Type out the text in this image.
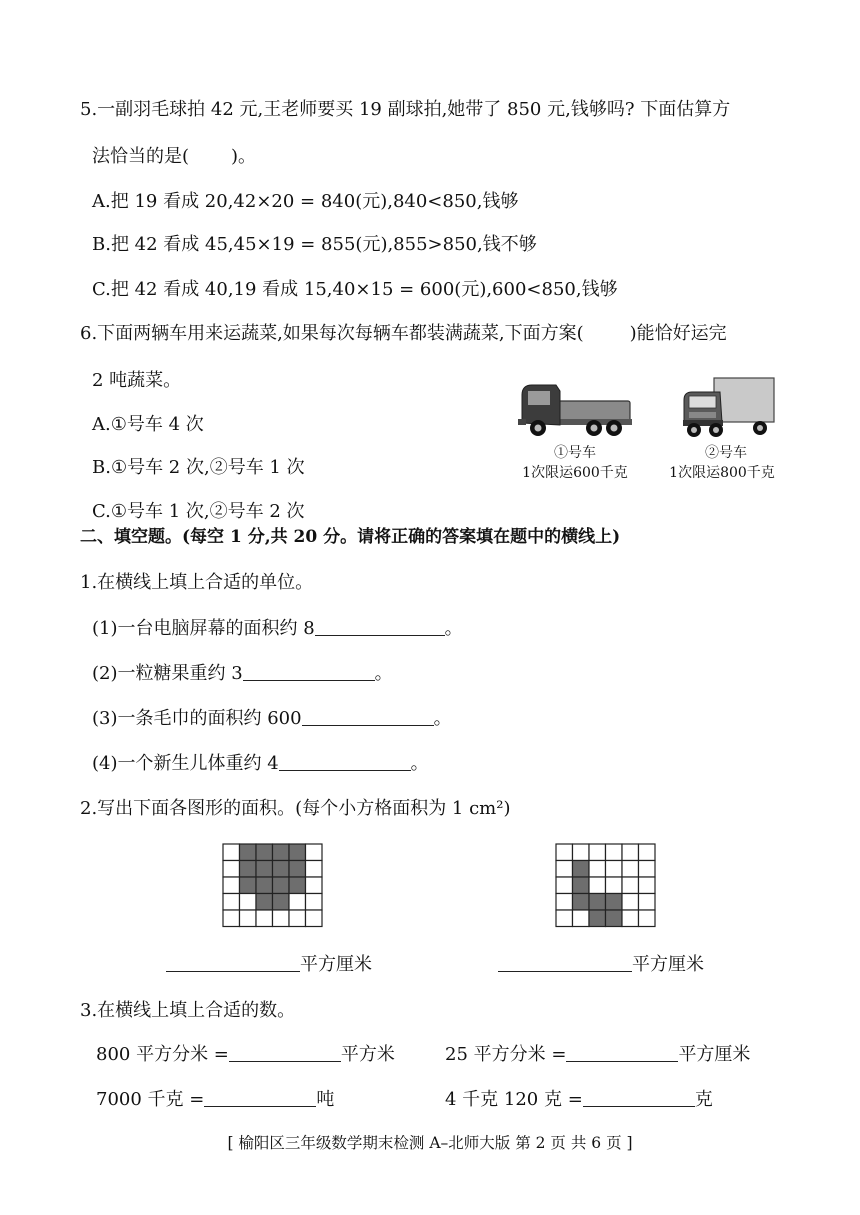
5.一副羽毛球拍 42 元,王老师要买 19 副球拍,她带了 850 元,钱够吗? 下面估算方
法恰当的是( )。
A.把 19 看成 20,42×20 = 840(元),840<850,钱够
B.把 42 看成 45,45×19 = 855(元),855>850,钱不够
C.把 42 看成 40,19 看成 15,40×15 = 600(元),600<850,钱够
6.下面两辆车用来运蔬菜,如果每次每辆车都装满蔬菜,下面方案(	)能恰好运完
2 吨蔬菜。
A.①号车 4 次
B.①号车 2 次,②号车 1 次
C.①号车 1 次,②号车 2 次
①号车
1次限运600千克
②号车
1次限运800千克
二、填空题。(每空 1 分,共 20 分。请将正确的答案填在题中的横线上)
1.在横线上填上合适的单位。
(1)一台电脑屏幕的面积约 8	。
(2)一粒糖果重约 3	。
(3)一条毛巾的面积约 600	。
(4)一个新生儿体重约 4	。
2.写出下面各图形的面积。(每个小方格面积为 1 cm²)
平方厘米	平方厘米
3.在横线上填上合适的数。
800 平方分米 =	平方米	25 平方分米 =	平方厘米
7000 千克 =	吨	4 千克 120 克 =	克
[ 榆阳区三年级数学期末检测 A–北师大版 第 2 页 共 6 页 ]
